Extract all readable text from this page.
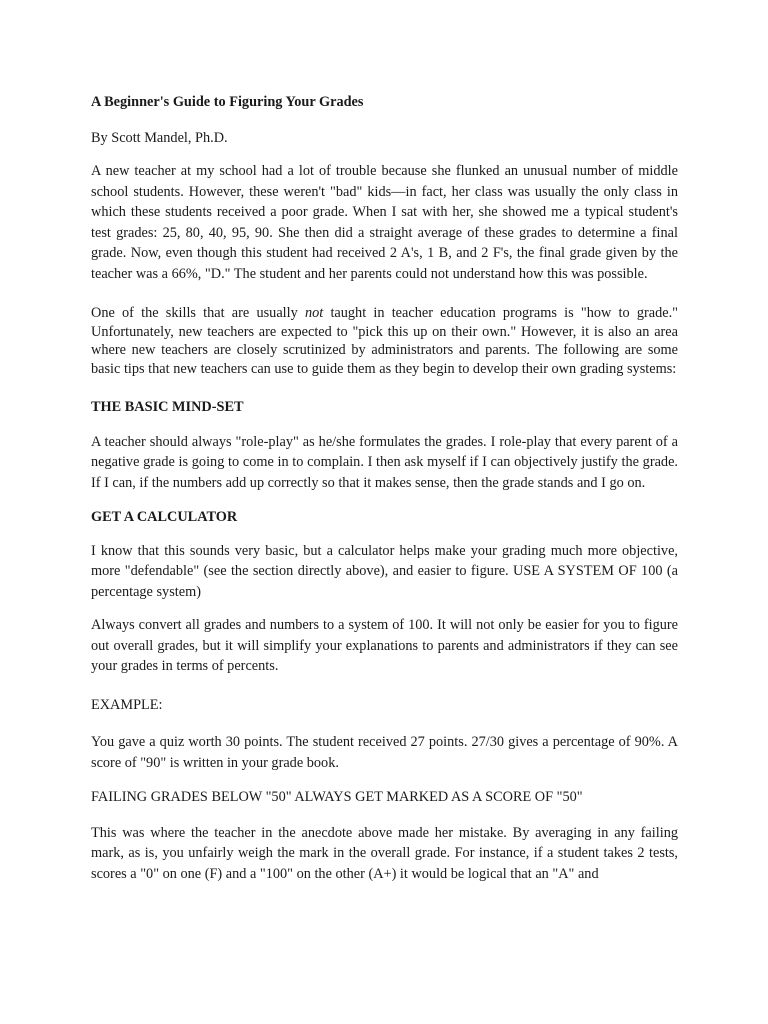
A Beginner's Guide to Figuring Your Grades

By Scott Mandel, Ph.D.

A new teacher at my school had a lot of trouble because she flunked an unusual number of middle school students. However, these weren't "bad" kids—in fact, her class was usually the only class in which these students received a poor grade. When I sat with her, she showed me a typical student's test grades: 25, 80, 40, 95, 90. She then did a straight average of these grades to determine a final grade. Now, even though this student had received 2 A's, 1 B, and 2 F's, the final grade given by the teacher was a 66%, "D." The student and her parents could not understand how this was possible.

One of the skills that are usually not taught in teacher education programs is "how to grade." Unfortunately, new teachers are expected to "pick this up on their own." However, it is also an area where new teachers are closely scrutinized by administrators and parents. The following are some basic tips that new teachers can use to guide them as they begin to develop their own grading systems:

THE BASIC MIND-SET

A teacher should always "role-play" as he/she formulates the grades. I role-play that every parent of a negative grade is going to come in to complain. I then ask myself if I can objectively justify the grade. If I can, if the numbers add up correctly so that it makes sense, then the grade stands and I go on.

GET A CALCULATOR

I know that this sounds very basic, but a calculator helps make your grading much more objective, more "defendable" (see the section directly above), and easier to figure. USE A SYSTEM OF 100 (a percentage system)

Always convert all grades and numbers to a system of 100. It will not only be easier for you to figure out overall grades, but it will simplify your explanations to parents and administrators if they can see your grades in terms of percents.

EXAMPLE:

You gave a quiz worth 30 points. The student received 27 points. 27/30 gives a percentage of 90%. A score of "90" is written in your grade book.

FAILING GRADES BELOW "50" ALWAYS GET MARKED AS A SCORE OF "50"

This was where the teacher in the anecdote above made her mistake. By averaging in any failing mark, as is, you unfairly weigh the mark in the overall grade. For instance, if a student takes 2 tests, scores a "0" on one (F) and a "100" on the other (A+) it would be logical that an "A" and
